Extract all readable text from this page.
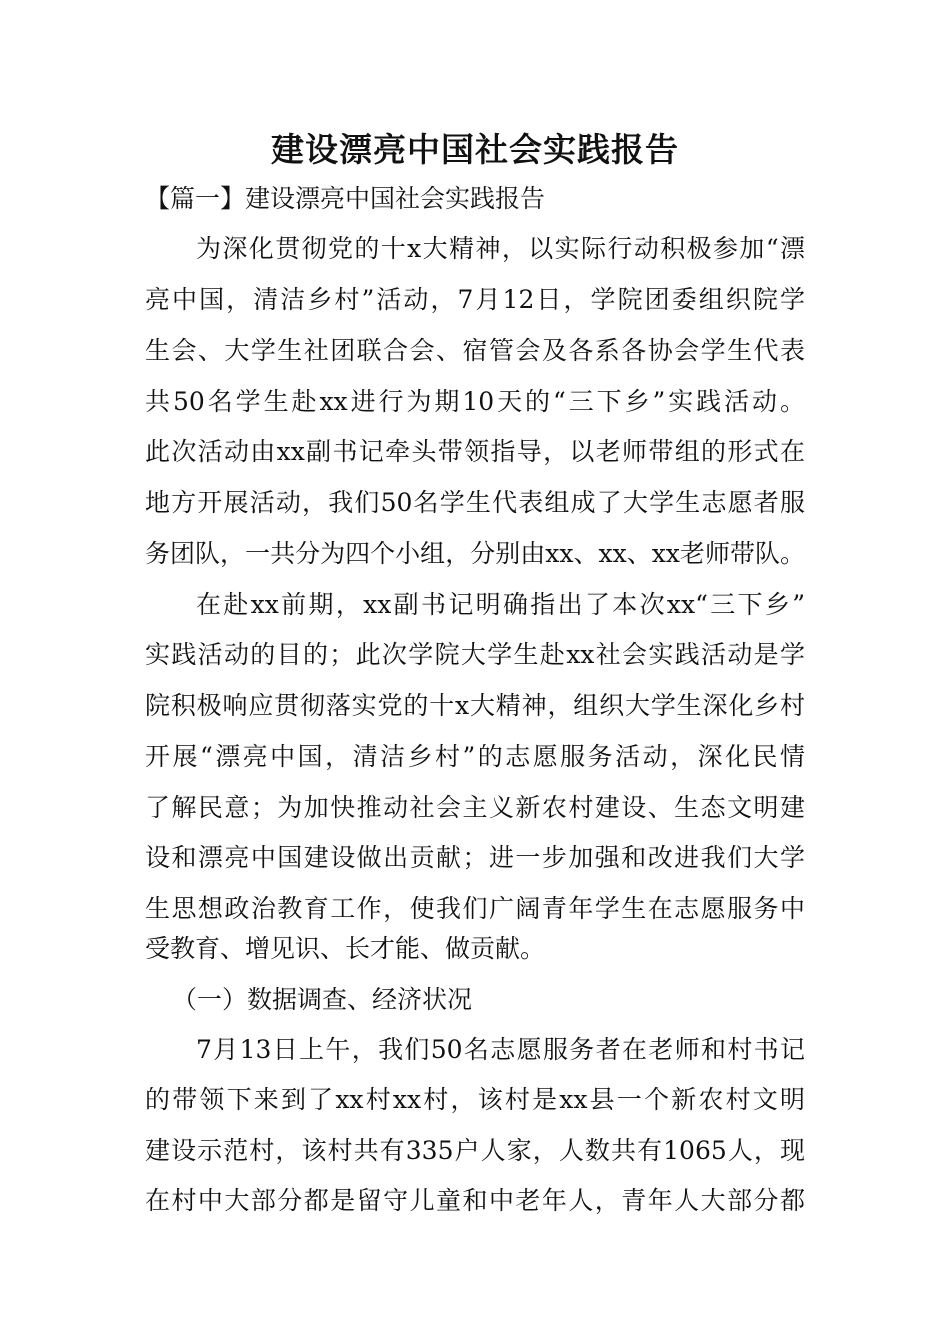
建设漂亮中国社会实践报告
【篇一】建设漂亮中国社会实践报告
为深化贯彻党的十x大精神，以实际行动积极参加“漂
亮中国，清洁乡村”活动，7月12日，学院团委组织院学
生会、大学生社团联合会、宿管会及各系各协会学生代表
共50名学生赴xx进行为期10天的“三下乡”实践活动。
此次活动由xx副书记牵头带领指导，以老师带组的形式在
地方开展活动，我们50名学生代表组成了大学生志愿者服
务团队，一共分为四个小组，分别由xx、xx、xx老师带队。
在赴xx前期，xx副书记明确指出了本次xx“三下乡”
实践活动的目的；此次学院大学生赴xx社会实践活动是学
院积极响应贯彻落实党的十x大精神，组织大学生深化乡村
开展“漂亮中国，清洁乡村”的志愿服务活动，深化民情
了解民意；为加快推动社会主义新农村建设、生态文明建
设和漂亮中国建设做出贡献；进一步加强和改进我们大学
生思想政治教育工作，使我们广阔青年学生在志愿服务中
受教育、增见识、长才能、做贡献。
（一）数据调查、经济状况
7月13日上午，我们50名志愿服务者在老师和村书记
的带领下来到了xx村xx村，该村是xx县一个新农村文明
建设示范村，该村共有335户人家，人数共有1065人，现
在村中大部分都是留守儿童和中老年人，青年人大部分都
